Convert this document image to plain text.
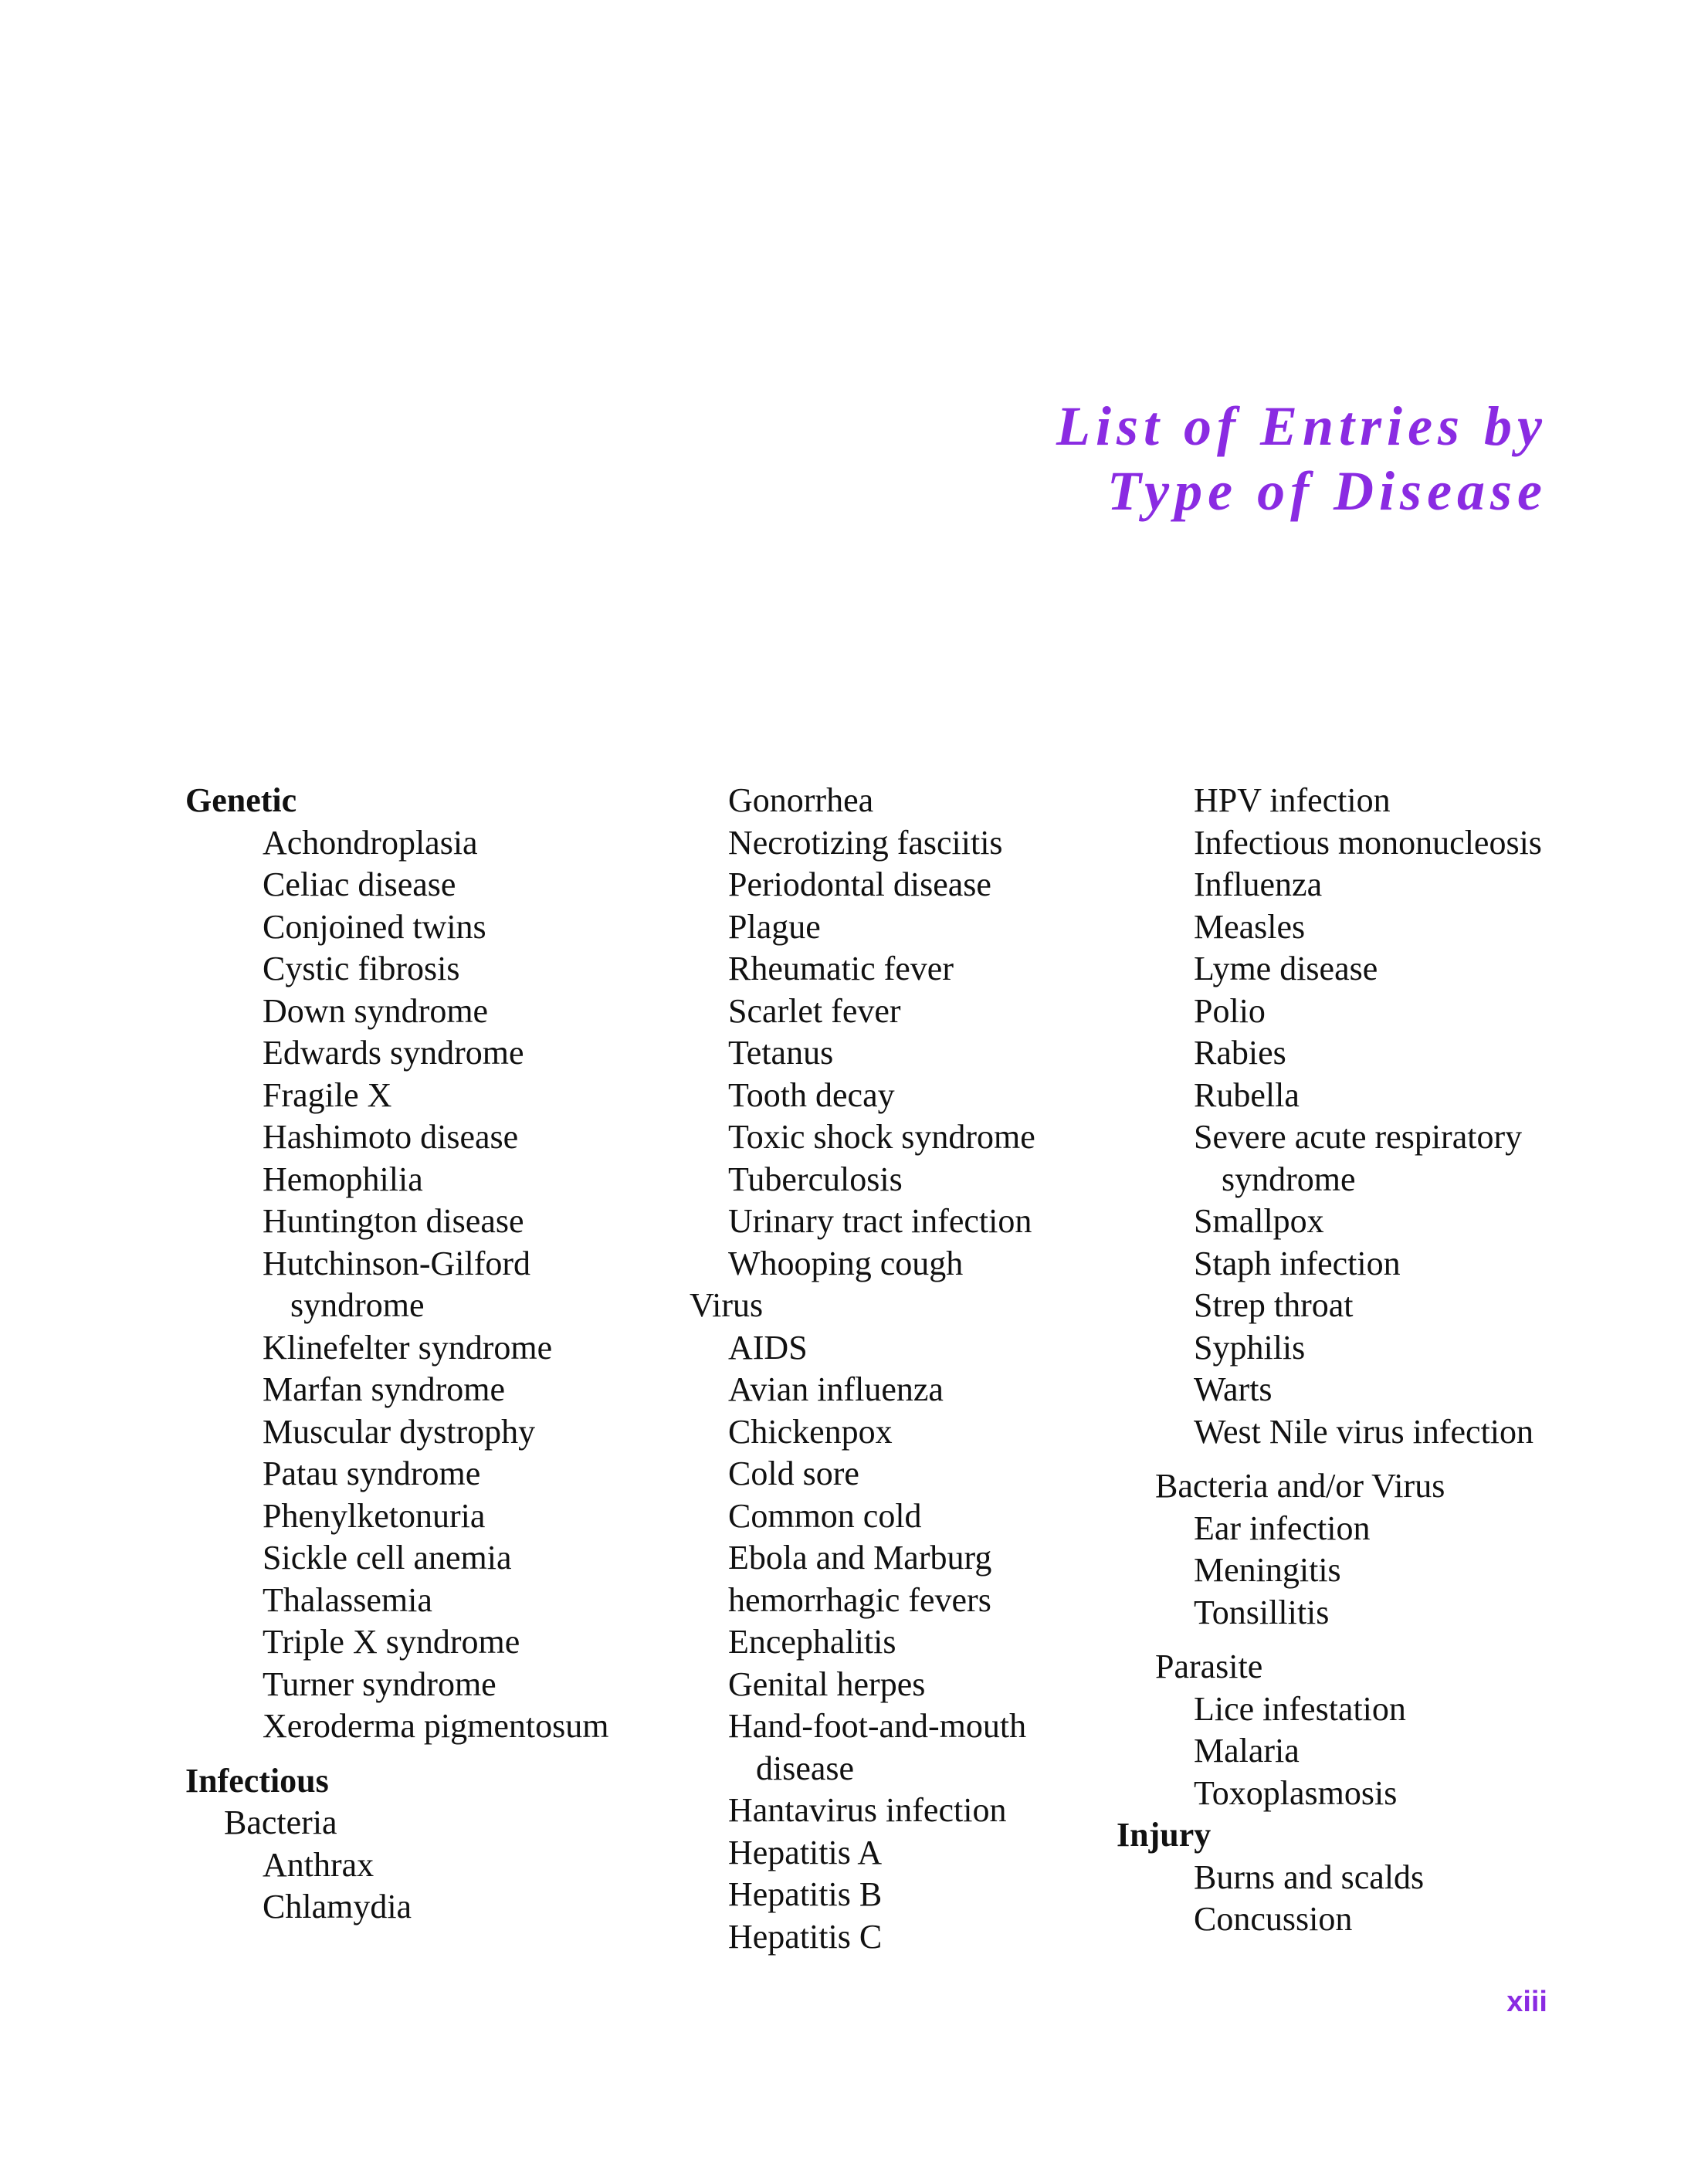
List of Entries by
Type of Disease
Genetic
Achondroplasia
Celiac disease
Conjoined twins
Cystic fibrosis
Down syndrome
Edwards syndrome
Fragile X
Hashimoto disease
Hemophilia
Huntington disease
Hutchinson-Gilford
syndrome
Klinefelter syndrome
Marfan syndrome
Muscular dystrophy
Patau syndrome
Phenylketonuria
Sickle cell anemia
Thalassemia
Triple X syndrome
Turner syndrome
Xeroderma pigmentosum
Infectious
Bacteria
Anthrax
Chlamydia
Gonorrhea
Necrotizing fasciitis
Periodontal disease
Plague
Rheumatic fever
Scarlet fever
Tetanus
Tooth decay
Toxic shock syndrome
Tuberculosis
Urinary tract infection
Whooping cough
Virus
AIDS
Avian influenza
Chickenpox
Cold sore
Common cold
Ebola and Marburg
hemorrhagic fevers
Encephalitis
Genital herpes
Hand-foot-and-mouth
disease
Hantavirus infection
Hepatitis A
Hepatitis B
Hepatitis C
HPV infection
Infectious mononucleosis
Influenza
Measles
Lyme disease
Polio
Rabies
Rubella
Severe acute respiratory
syndrome
Smallpox
Staph infection
Strep throat
Syphilis
Warts
West Nile virus infection
Bacteria and/or Virus
Ear infection
Meningitis
Tonsillitis
Parasite
Lice infestation
Malaria
Toxoplasmosis
Injury
Burns and scalds
Concussion
xiii
